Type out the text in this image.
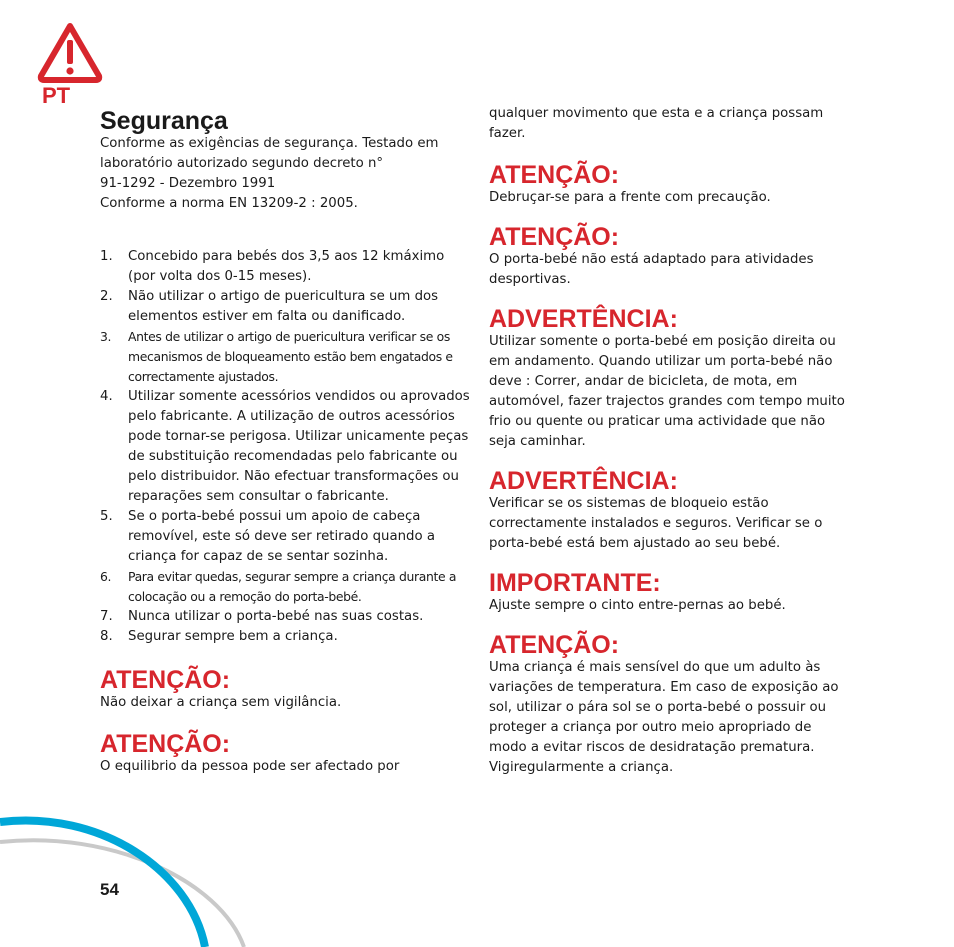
PT
Segurança

Conforme as exigências de segurança. Testado em
laboratório autorizado segundo decreto n°
91-1292 - Dezembro 1991
Conforme a norma EN 13209-2 : 2005.

1. Concebido para bebés dos 3,5 aos 12 kmáximo (por volta dos 0-15 meses).
2. Não utilizar o artigo de puericultura se um dos elementos estiver em falta ou danificado.
3. Antes de utilizar o artigo de puericultura verificar se os mecanismos de bloqueamento estão bem engatados e correctamente ajustados.
4. Utilizar somente acessórios vendidos ou aprovados pelo fabricante. A utilização de outros acessórios pode tornar-se perigosa. Utilizar unicamente peças de substituição recomendadas pelo fabricante ou pelo distribuidor. Não efectuar transformações ou reparações sem consultar o fabricante.
5. Se o porta-bebé possui um apoio de cabeça removível, este só deve ser retirado quando a criança for capaz de se sentar sozinha.
6. Para evitar quedas, segurar sempre a criança durante a colocação ou a remoção do porta-bebé.
7. Nunca utilizar o porta-bebé nas suas costas.
8. Segurar sempre bem a criança.
ATENÇÃO:

Não deixar a criança sem vigilância.

ATENÇÃO:

O equilibrio da pessoa pode ser afectado por

qualquer movimento que esta e a criança possam fazer.

ATENÇÃO:

Debruçar-se para a frente com precaução.

ATENÇÃO:

O porta-bebé não está adaptado para atividades desportivas.

ADVERTÊNCIA:

Utilizar somente o porta-bebé em posição direita ou em andamento. Quando utilizar um porta-bebé não deve : Correr, andar de bicicleta, de mota, em automóvel, fazer trajectos grandes com tempo muito frio ou quente ou praticar uma actividade que não seja caminhar.

ADVERTÊNCIA:

Verificar se os sistemas de bloqueio estão correctamente instalados e seguros. Verificar se o porta-bebé está bem ajustado ao seu bebé.

IMPORTANTE:

Ajuste sempre o cinto entre-pernas ao bebé.

ATENÇÃO:

Uma criança é mais sensível do que um adulto às variações de temperatura. Em caso de exposição ao sol, utilizar o pára sol se o porta-bebé o possuir ou proteger a criança por outro meio apropriado de modo a evitar riscos de desidratação prematura. Vigiregularmente a criança.

54
